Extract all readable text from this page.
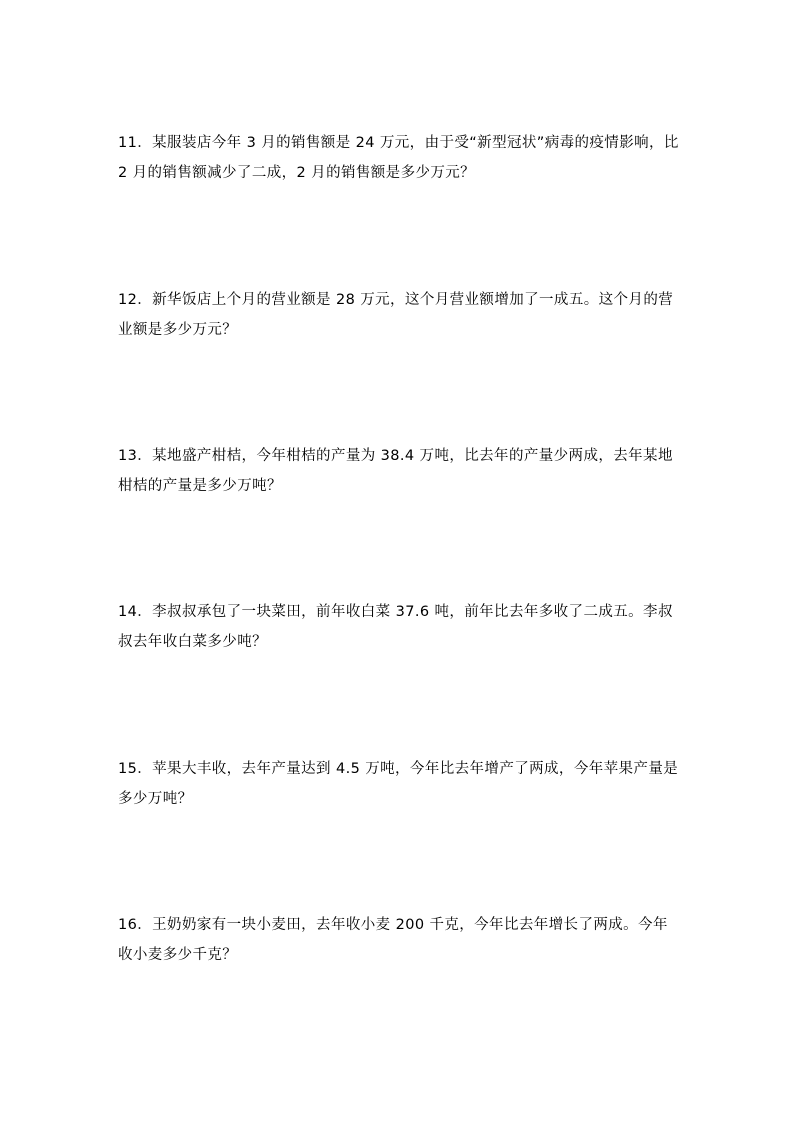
11．某服装店今年 3 月的销售额是 24 万元，由于受“新型冠状”病毒的疫情影响，比 2 月的销售额减少了二成，2 月的销售额是多少万元？

12．新华饭店上个月的营业额是 28 万元，这个月营业额增加了一成五。这个月的营业额是多少万元？

13．某地盛产柑桔，今年柑桔的产量为 38.4 万吨，比去年的产量少两成，去年某地柑桔的产量是多少万吨？

14．李叔叔承包了一块菜田，前年收白菜 37.6 吨，前年比去年多收了二成五。李叔叔去年收白菜多少吨？

15．苹果大丰收，去年产量达到 4.5 万吨，今年比去年增产了两成，今年苹果产量是多少万吨？

16．王奶奶家有一块小麦田，去年收小麦 200 千克，今年比去年增长了两成。今年收小麦多少千克？
